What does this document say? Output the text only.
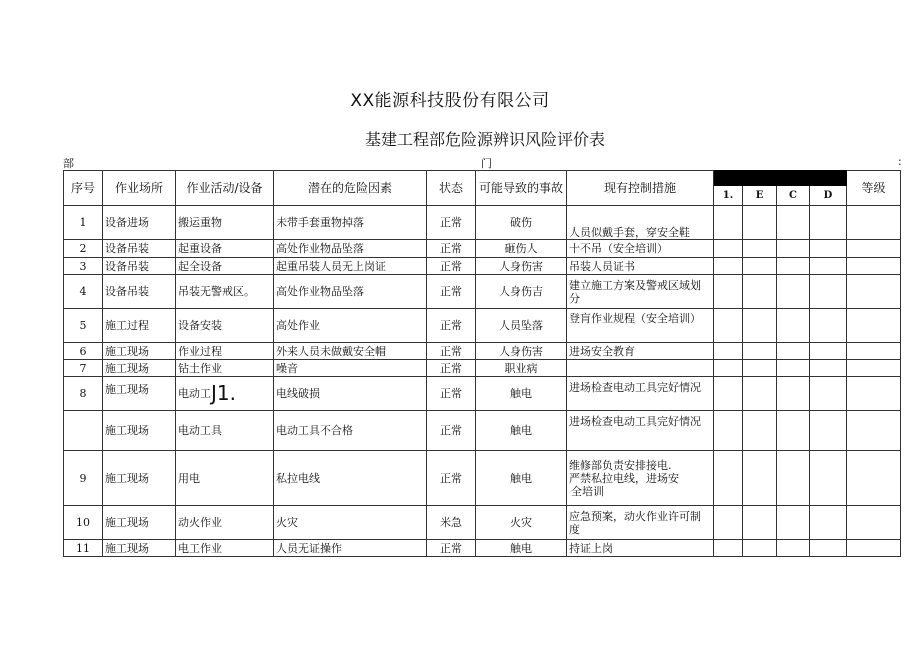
XX能源科技股份有限公司
基建工程部危险源辨识风险评价表
部	门	:
序号	作业场所	作业活动/设备	潜在的危险因素	状态	可能导致的事故	现有控制措施					等级
							1.	E	C	D	
1	设备进场	搬运重物	未带手套重物掉落	正常	破伤	人员似戴手套，穿安全鞋					
2	设备吊装	起重设备	高处作业物品坠落	正常	砸伤人	十不吊（安全培训）					
3	设备吊装	起全设备	起重吊装人员无上岗证	正常	人身伤害	吊装人员证书					
4	设备吊装	吊装无警戒区。	高处作业物品坠落	正常	人身伤吉	建立施工方案及警戒区域划分					
5	施工过程	设备安装	高处作业	正常	人员坠落	登肓作业规程（安全培训）					
6	施工现场	作业过程	外来人员未做戴安全帽	正常	人身伤害	进场安全教育					
7	施工现场	钻土作业	噪音	正常	职业病						
8	施工现场	电动工J1.	电线破损	正常	触电	进场检查电动工具完好情况					
	施工现场	电动工具	电动工具不合格	正常	触电	进场检查电动工具完好情况					
9	施工现场	用电	私拉电线	正常	触电	维修部负责安排接电.
严禁私拉电线，进场安
全培训					

10	施工现场	动火作业	火灾	米急	火灾	应急预案，动火作业许可制度					
11	施工现场	电工作业	人员无证操作	正常	触电	持证上岗					
